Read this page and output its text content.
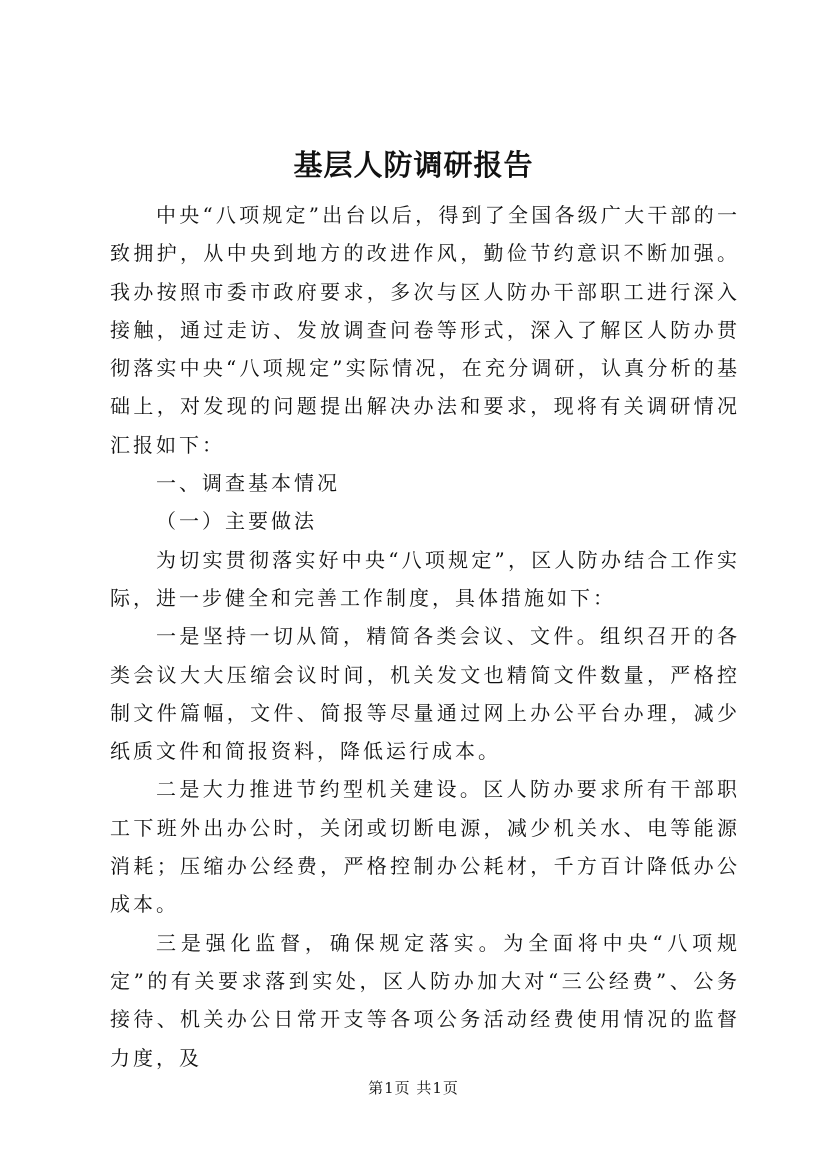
基层人防调研报告

中央“八项规定”出台以后，得到了全国各级广大干部的一致拥护，从中央到地方的改进作风，勤俭节约意识不断加强。我办按照市委市政府要求，多次与区人防办干部职工进行深入接触，通过走访、发放调查问卷等形式，深入了解区人防办贯彻落实中央“八项规定”实际情况，在充分调研，认真分析的基础上，对发现的问题提出解决办法和要求，现将有关调研情况汇报如下：

一、调查基本情况

（一）主要做法

为切实贯彻落实好中央“八项规定”，区人防办结合工作实际，进一步健全和完善工作制度，具体措施如下：

一是坚持一切从简，精简各类会议、文件。组织召开的各类会议大大压缩会议时间，机关发文也精简文件数量，严格控制文件篇幅，文件、简报等尽量通过网上办公平台办理，减少纸质文件和简报资料，降低运行成本。

二是大力推进节约型机关建设。区人防办要求所有干部职工下班外出办公时，关闭或切断电源，减少机关水、电等能源消耗；压缩办公经费，严格控制办公耗材，千方百计降低办公成本。

三是强化监督，确保规定落实。为全面将中央“八项规定”的有关要求落到实处，区人防办加大对“三公经费”、公务接待、机关办公日常开支等各项公务活动经费使用情况的监督力度，及

第1页 共1页
